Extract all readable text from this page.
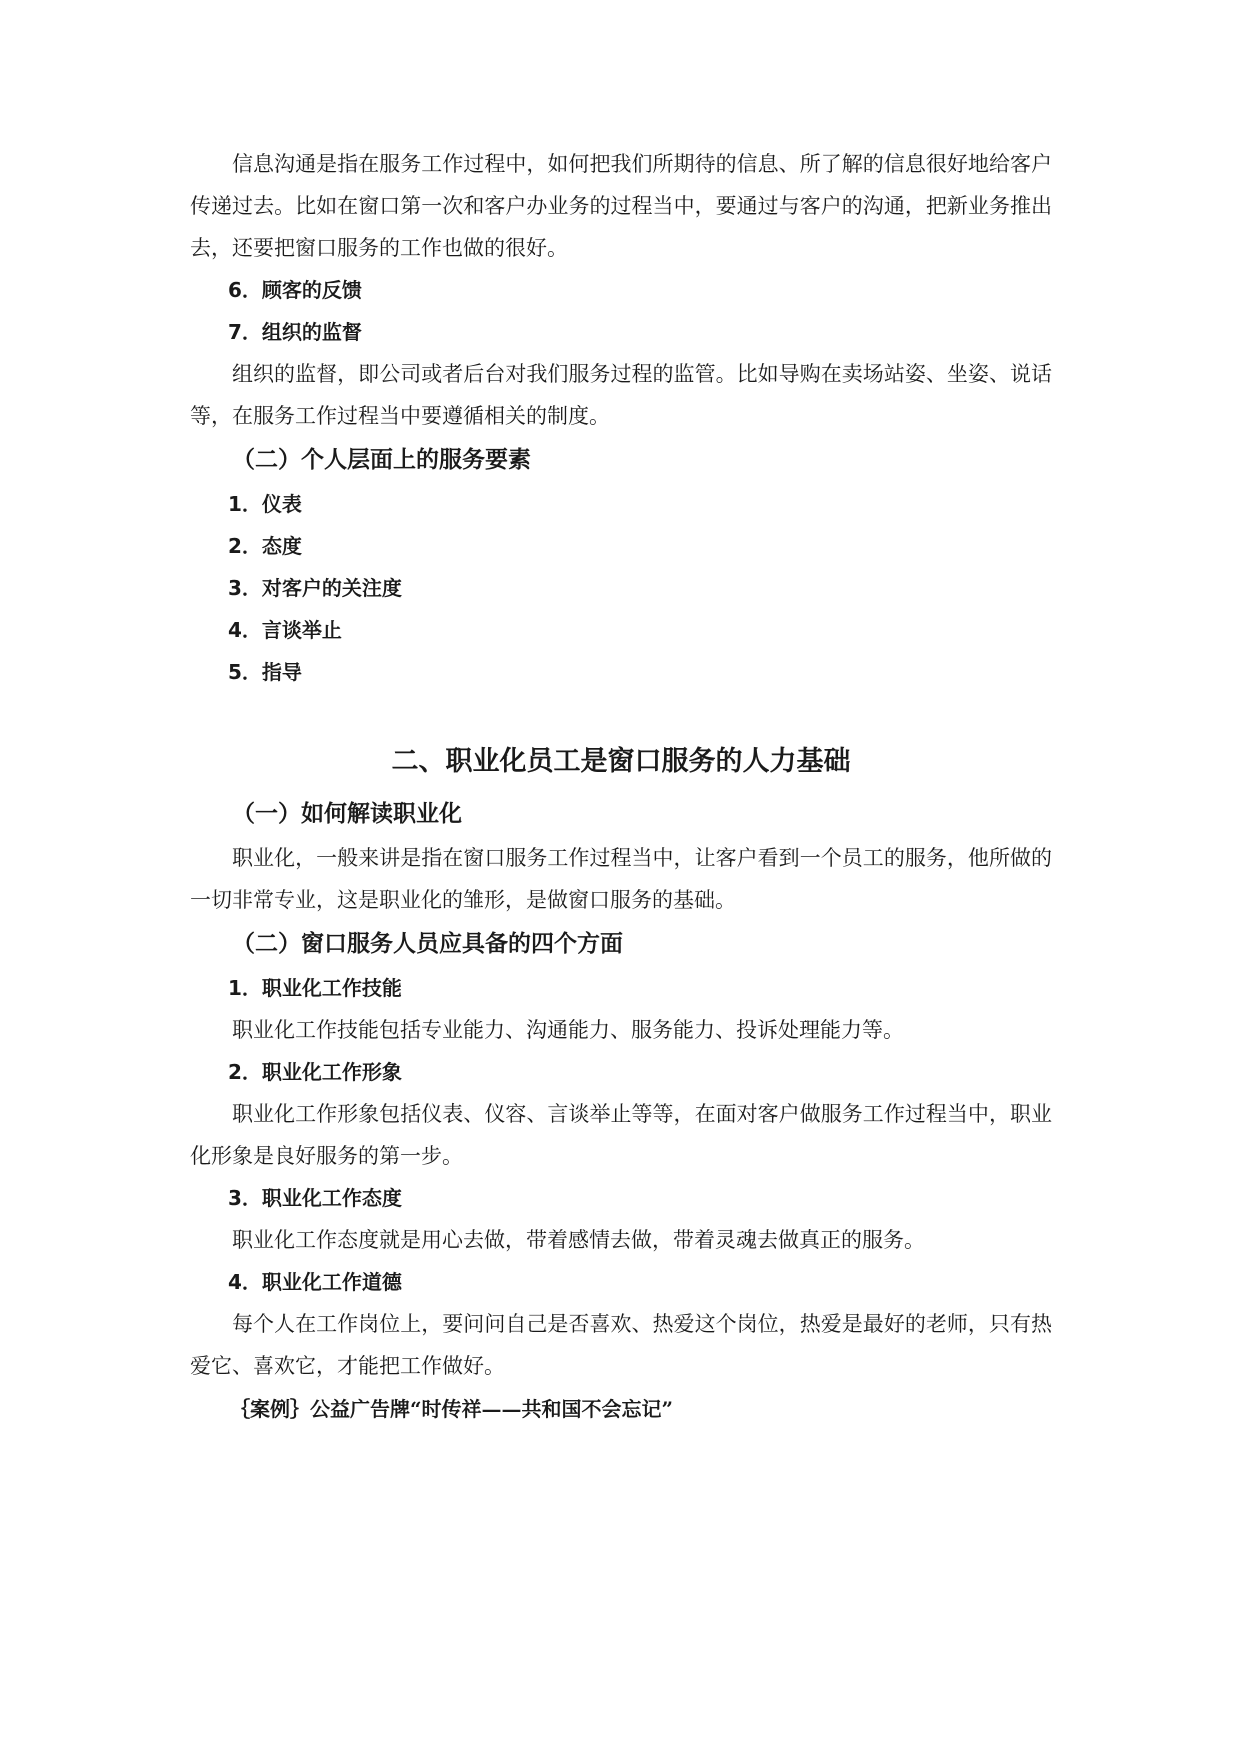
信息沟通是指在服务工作过程中，如何把我们所期待的信息、所了解的信息很好地给客户传递过去。比如在窗口第一次和客户办业务的过程当中，要通过与客户的沟通，把新业务推出去，还要把窗口服务的工作也做的很好。

6．顾客的反馈

7．组织的监督

组织的监督，即公司或者后台对我们服务过程的监管。比如导购在卖场站姿、坐姿、说话等，在服务工作过程当中要遵循相关的制度。

（二）个人层面上的服务要素

1．仪表

2．态度

3．对客户的关注度

4．言谈举止

5．指导

二、职业化员工是窗口服务的人力基础

（一）如何解读职业化

职业化，一般来讲是指在窗口服务工作过程当中，让客户看到一个员工的服务，他所做的一切非常专业，这是职业化的雏形，是做窗口服务的基础。

（二）窗口服务人员应具备的四个方面

1．职业化工作技能

职业化工作技能包括专业能力、沟通能力、服务能力、投诉处理能力等。

2．职业化工作形象

职业化工作形象包括仪表、仪容、言谈举止等等，在面对客户做服务工作过程当中，职业化形象是良好服务的第一步。

3．职业化工作态度

职业化工作态度就是用心去做，带着感情去做，带着灵魂去做真正的服务。

4．职业化工作道德

每个人在工作岗位上，要问问自己是否喜欢、热爱这个岗位，热爱是最好的老师，只有热爱它、喜欢它，才能把工作做好。

｛案例｝公益广告牌“时传祥——共和国不会忘记”
